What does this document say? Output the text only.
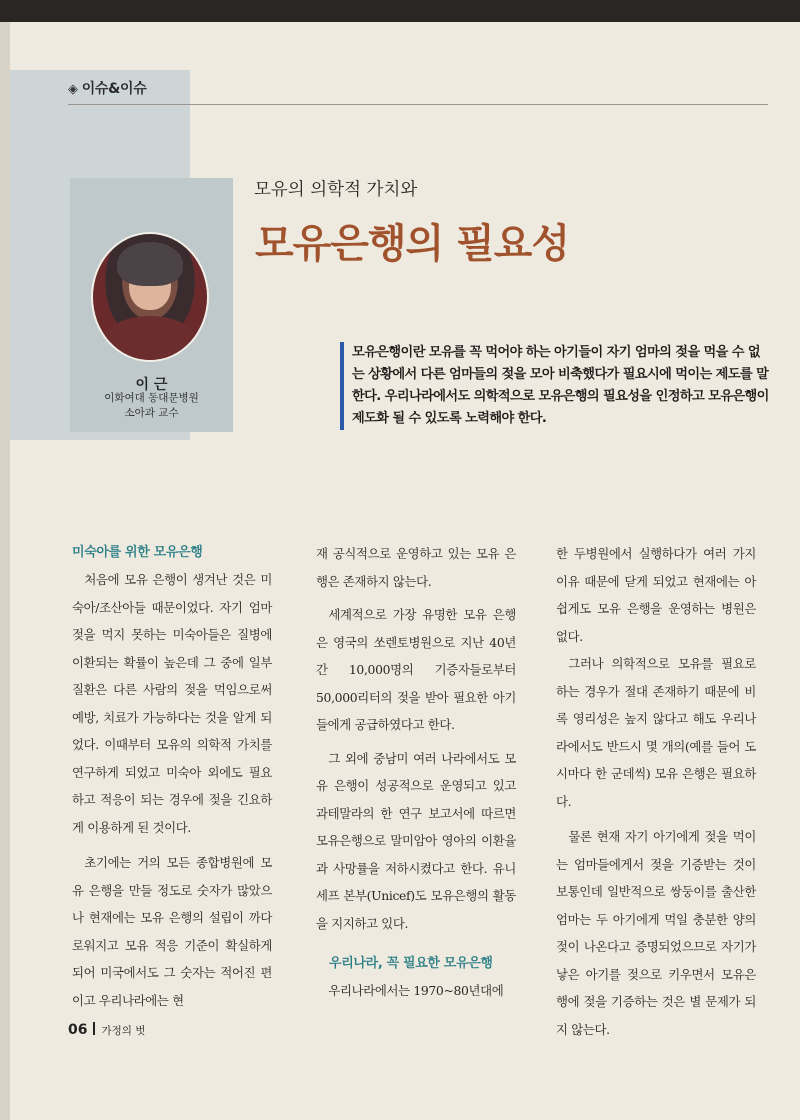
◈ 이슈&이슈
이 근
이화여대 동대문병원
소아과 교수
모유의 의학적 가치와
모유은행의 필요성
모유은행이란 모유를 꼭 먹어야 하는 아기들이 자기 엄마의 젖을 먹을 수 없는 상황에서 다른 엄마들의 젖을 모아 비축했다가 필요시에 먹이는 제도를 말한다. 우리나라에서도 의학적으로 모유은행의 필요성을 인정하고 모유은행이 제도화 될 수 있도록 노력해야 한다.
미숙아를 위한 모유은행

처음에 모유 은행이 생겨난 것은 미숙아/조산아들 때문이었다. 자기 엄마 젖을 먹지 못하는 미숙아들은 질병에 이환되는 확률이 높은데 그 중에 일부 질환은 다른 사람의 젖을 먹임으로써 예방, 치료가 가능하다는 것을 알게 되었다. 이때부터 모유의 의학적 가치를 연구하게 되었고 미숙아 외에도 필요하고 적응이 되는 경우에 젖을 긴요하게 이용하게 된 것이다.

초기에는 거의 모든 종합병원에 모유 은행을 만들 정도로 숫자가 많았으나 현재에는 모유 은행의 설립이 까다로워지고 모유 적응 기준이 확실하게 되어 미국에서도 그 숫자는 적어진 편이고 우리나라에는 현

재 공식적으로 운영하고 있는 모유 은행은 존재하지 않는다.

세계적으로 가장 유명한 모유 은행은 영국의 쏘렌토병원으로 지난 40년간 10,000명의 기증자들로부터 50,000리터의 젖을 받아 필요한 아기들에게 공급하였다고 한다.

그 외에 중남미 여러 나라에서도 모유 은행이 성공적으로 운영되고 있고 과테말라의 한 연구 보고서에 따르면 모유은행으로 말미암아 영아의 이환율과 사망률을 저하시켰다고 한다. 유니세프 본부(Unicef)도 모유은행의 활동을 지지하고 있다.

우리나라, 꼭 필요한 모유은행

우리나라에서는 1970~80년대에

한 두병원에서 실행하다가 여러 가지 이유 때문에 닫게 되었고 현재에는 아쉽게도 모유 은행을 운영하는 병원은 없다.

그러나 의학적으로 모유를 필요로 하는 경우가 절대 존재하기 때문에 비록 영리성은 높지 않다고 해도 우리나라에서도 반드시 몇 개의(예를 들어 도시마다 한 군데씩) 모유 은행은 필요하다.

물론 현재 자기 아기에게 젖을 먹이는 엄마들에게서 젖을 기증받는 것이 보통인데 일반적으로 쌍둥이를 출산한 엄마는 두 아기에게 먹일 충분한 양의 젖이 나온다고 증명되었으므로 자기가 낳은 아기를 젖으로 키우면서 모유은행에 젖을 기증하는 것은 별 문제가 되지 않는다.

06 가정의 벗
